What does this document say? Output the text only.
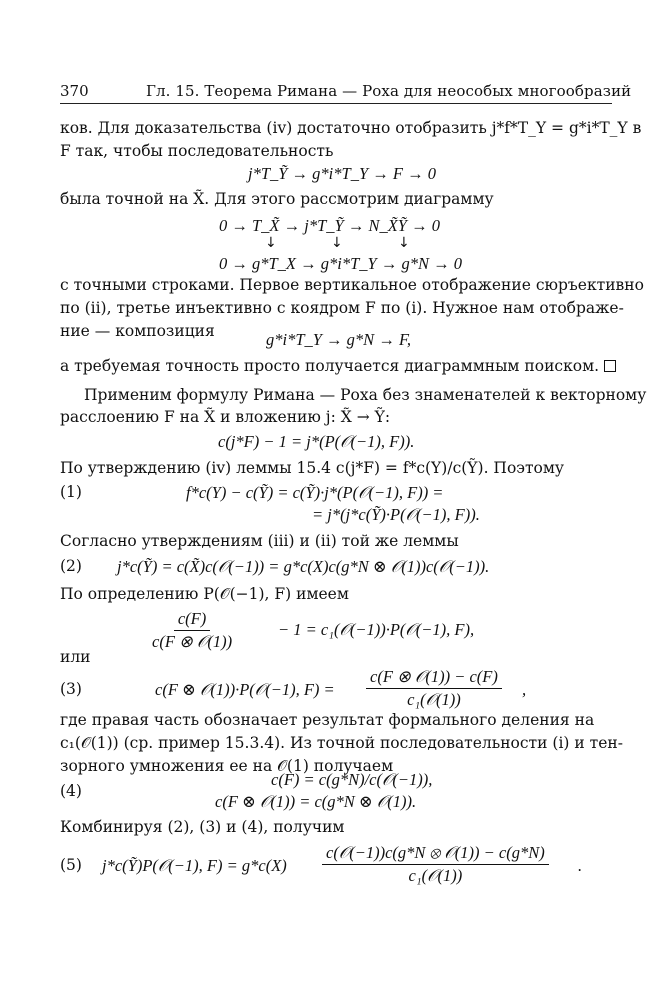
370	Гл. 15. Теорема Римана — Роха для неособых многообразий
ков. Для доказательства (iv) достаточно отобразить j*f*T_Y = g*i*T_Y в
F так, чтобы последовательность
j*T_Ỹ → g*i*T_Y → F → 0
была точной на X̃. Для этого рассмотрим диаграмму
0 → T_X̃ → j*T_Ỹ → N_X̃Ỹ → 0
↓	↓	↓
0 → g*T_X → g*i*T_Y → g*N → 0
с точными строками. Первое вертикальное отображение сюръективно
по (ii), третье инъективно с коядром F по (i). Нужное нам отображе-
ние — композиция	g*i*T_Y → g*N → F,
а требуемая точность просто получается диаграммным поиском.
Применим формулу Римана — Роха без знаменателей к векторному
расслоению F на X̃ и вложению j: X̃ → Ỹ:
c(j*F) − 1 = j*(P(𝒪(−1), F)).
По утверждению (iv) леммы 15.4 c(j*F) = f*c(Y)/c(Ỹ). Поэтому
(1)	f*c(Y) − c(Ỹ) = c(Ỹ)·j*(P(𝒪(−1), F)) =
= j*(j*c(Ỹ)·P(𝒪(−1), F)).
Согласно утверждениям (iii) и (ii) той же леммы
(2) j*c(Ỹ) = c(X̃)c(𝒪(−1)) = g*c(X)c(g*N ⊗ 𝒪(1))c(𝒪(−1)).
По определению P(𝒪(−1), F) имеем
c(F)
c(F ⊗ 𝒪(1))
− 1 = c₁(𝒪(−1))·P(𝒪(−1), F),
или
(3)	c(F ⊗ 𝒪(1))·P(𝒪(−1), F) =
c(F ⊗ 𝒪(1)) − c(F)
c₁(𝒪(1))
,
где правая часть обозначает результат формального деления на
c₁(𝒪(1)) (ср. пример 15.3.4). Из точной последовательности (i) и тен-
зорного умножения ее на 𝒪(1) получаем
(4)
c(F) = c(g*N)/c(𝒪(−1)),
c(F ⊗ 𝒪(1)) = c(g*N ⊗ 𝒪(1)).
Комбинируя (2), (3) и (4), получим
(5) j*c(Ỹ)P(𝒪(−1), F) = g*c(X)
c(𝒪(−1))c(g*N ⊗ 𝒪(1)) − c(g*N)
c₁(𝒪(1))
.
